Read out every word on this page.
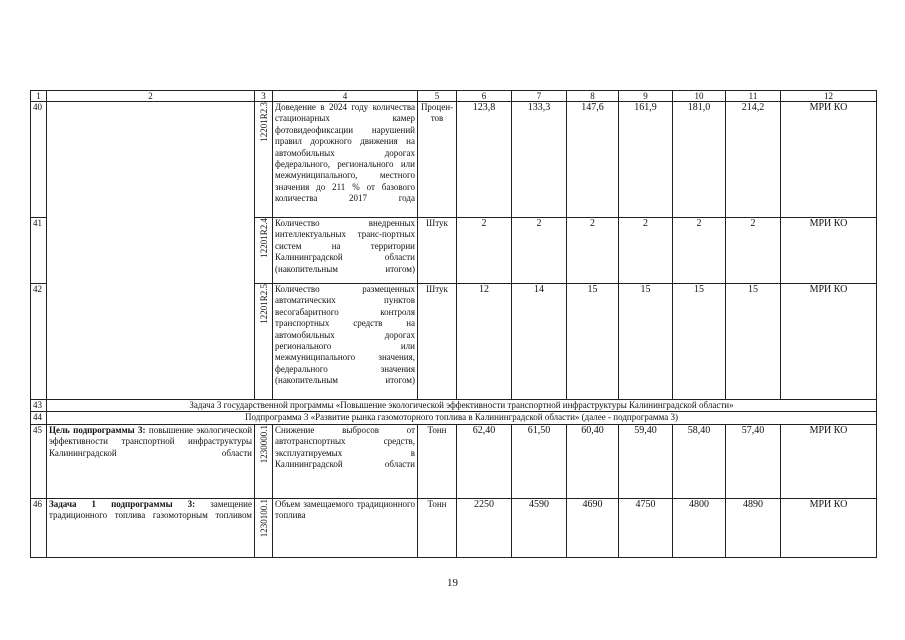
1	2	3	4	5	6	7	8	9	10	11	12
40		12201R2.3	Доведение в 2024 году количества стационарных камер фотовидеофиксации нарушений правил дорожного движения на автомобильных дорогах федерального, регионального или межмуниципального, местного значения до 211 % от базового количества 2017 года	Процен-тов	123,8	133,3	147,6	161,9	181,0	214,2	МРИ КО
41		12201R2.4	Количество внедренных интеллектуальных транс-портных систем на территории Калининградской области (накопительным итогом)	Штук	2	2	2	2	2	2	МРИ КО
42		12201R2.5	Количество размещенных автоматических пунктов весогабаритного контроля транспортных средств на автомобильных дорогах регионального или межмуниципального значения, федерального значения (накопительным итогом)	Штук	12	14	15	15	15	15	МРИ КО
43	Задача 3 государственной программы «Повышение экологической эффективности транспортной инфраструктуры Калининградской области»										
44	Подпрограмма 3 «Развитие рынка газомоторного топлива в Калининградской области» (далее - подпрограмма 3)										
45	Цель подпрограммы 3: повышение экологической эффективности транспортной инфраструктуры Калининградской области	1230000.1	Снижение выбросов от автотранспортных средств, эксплуатируемых в Калининградской области	Тонн	62,40	61,50	60,40	59,40	58,40	57,40	МРИ КО
46	Задача 1 подпрограммы 3: замещение традиционного топлива газомоторным топливом	1230100.1	Объем замещаемого традиционного топлива	Тонн	2250	4590	4690	4750	4800	4890	МРИ КО
19
